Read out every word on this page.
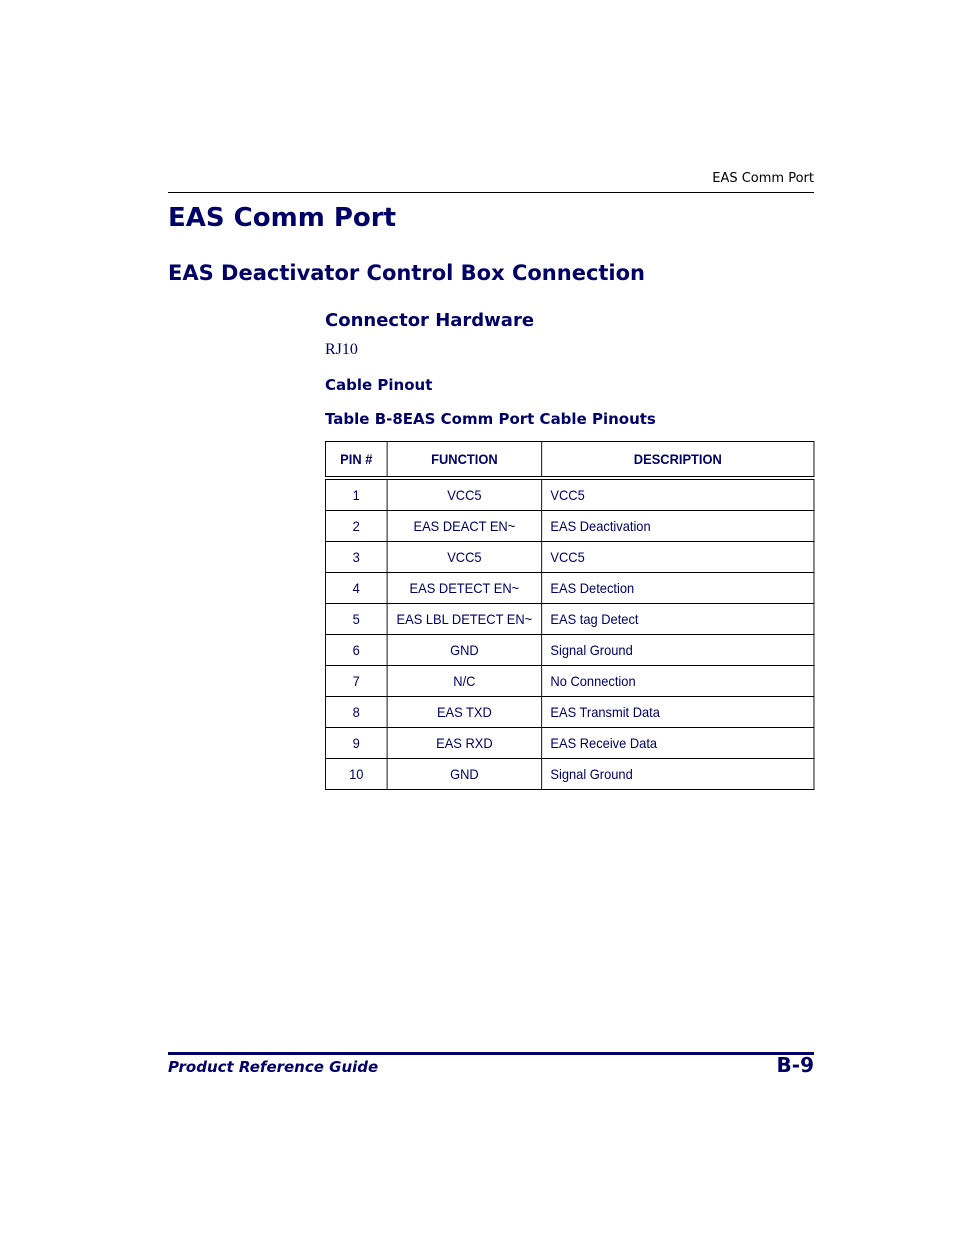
EAS Comm Port
EAS Comm Port
EAS Deactivator Control Box Connection
Connector Hardware
RJ10
Cable Pinout
Table B-8EAS Comm Port Cable Pinouts
PIN #	FUNCTION	DESCRIPTION
1	VCC5	VCC5
2	EAS DEACT EN~	EAS Deactivation
3	VCC5	VCC5
4	EAS DETECT EN~	EAS Detection
5	EAS LBL DETECT EN~	EAS tag Detect
6	GND	Signal Ground
7	N/C	No Connection
8	EAS TXD	EAS Transmit Data
9	EAS RXD	EAS Receive Data
10	GND	Signal Ground
Product Reference Guide	B-9
